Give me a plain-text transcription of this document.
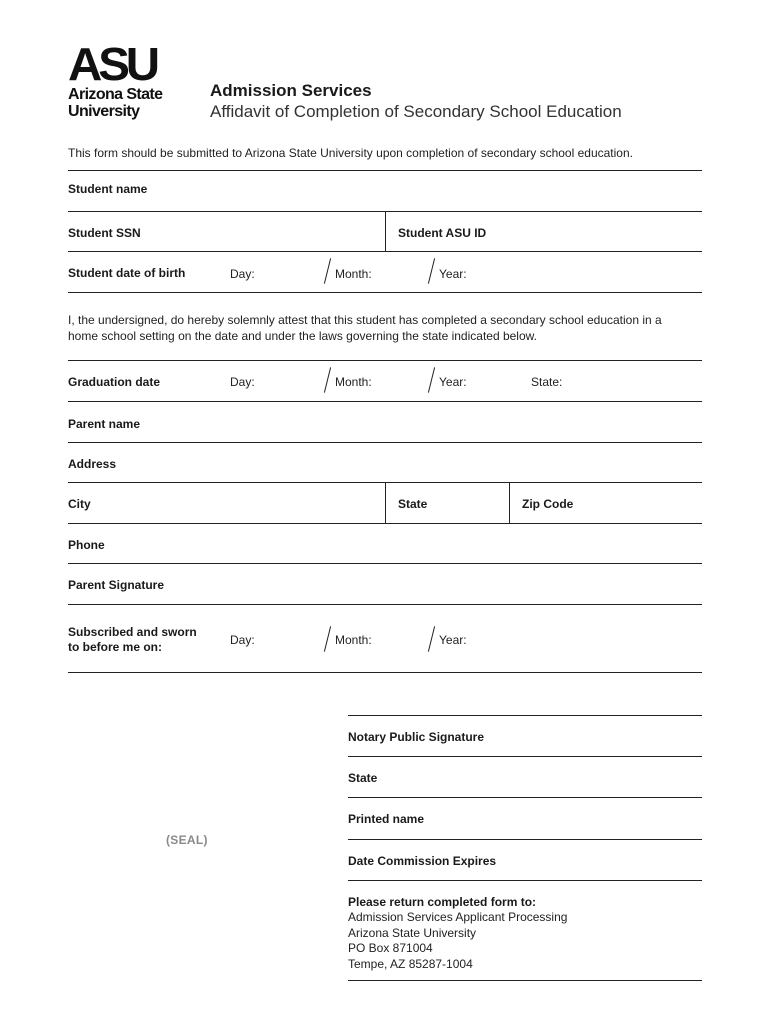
ASU
Arizona State
University
Admission Services
Affidavit of Completion of Secondary School Education
This form should be submitted to Arizona State University upon completion of secondary school education.
Student name
Student SSN	Student ASU ID
Student date of birth	Day:	Month:	Year:
I, the undersigned, do hereby solemnly attest that this student has completed a secondary school education in a home school setting on the date and under the laws governing the state indicated below.
Graduation date	Day:	Month:	Year:	State:
Parent name
Address
City	State	Zip Code
Phone
Parent Signature
Subscribed and sworn
to before me on:	Day:	Month:	Year:
(SEAL)
Notary Public Signature
State
Printed name
Date Commission Expires
Please return completed form to:
Admission Services Applicant Processing
Arizona State University
PO Box 871004
Tempe, AZ 85287-1004
